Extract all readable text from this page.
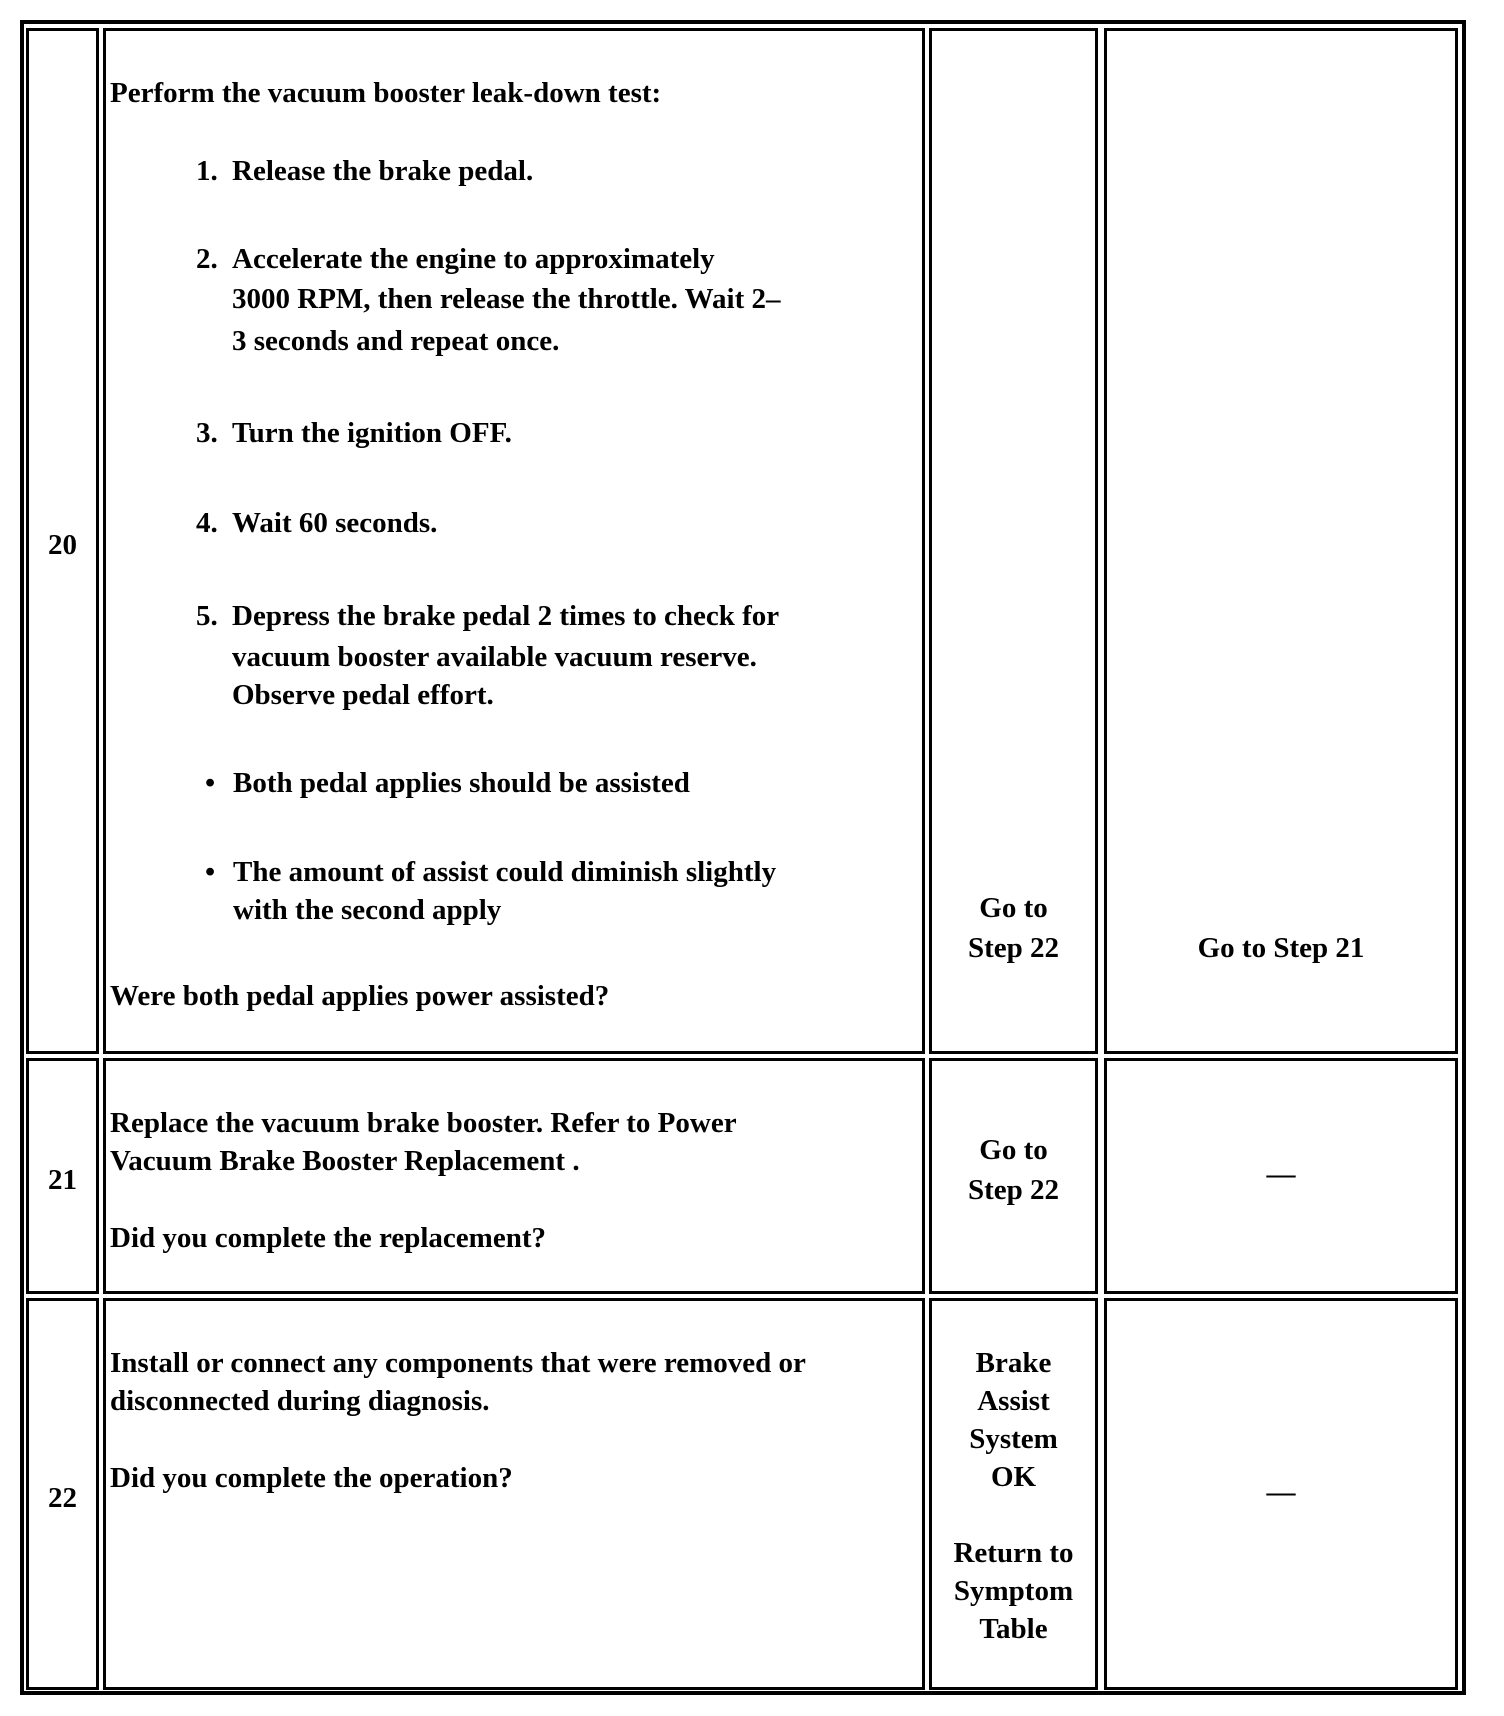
20
Perform the vacuum booster leak-down test:
1. Release the brake pedal.
2. Accelerate the engine to approximately
3000 RPM, then release the throttle. Wait 2–
3 seconds and repeat once.
3. Turn the ignition OFF.
4. Wait 60 seconds.
5. Depress the brake pedal 2 times to check for
vacuum booster available vacuum reserve.
Observe pedal effort.
• Both pedal applies should be assisted
• The amount of assist could diminish slightly
with the second apply
Were both pedal applies power assisted?
Go to
Step 22	Go to Step 21
21
Replace the vacuum brake booster. Refer to Power
Vacuum Brake Booster Replacement .
Did you complete the replacement?
Go to
Step 22	—
22
Install or connect any components that were removed or
disconnected during diagnosis.
Did you complete the operation?
Brake
Assist
System
OK
Return to
Symptom
Table
—
